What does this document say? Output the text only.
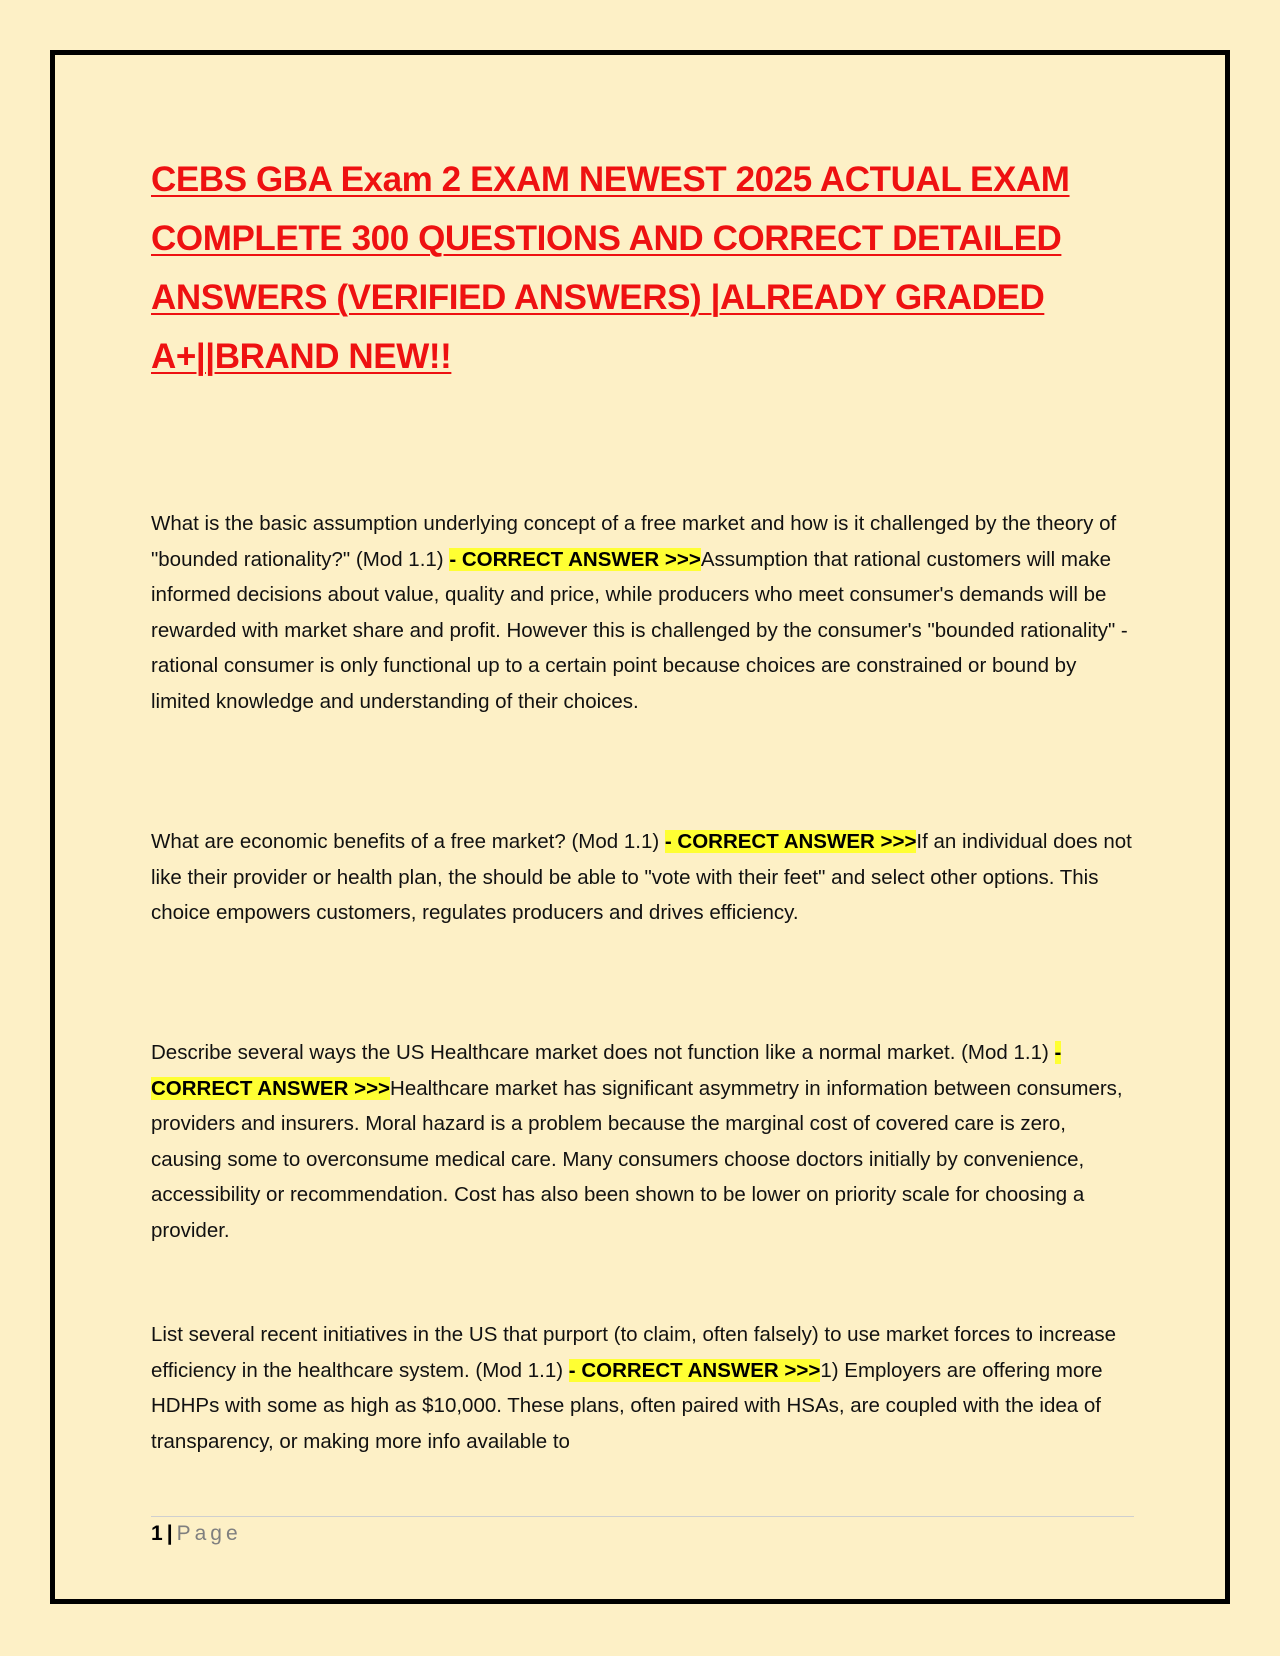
CEBS GBA Exam 2 EXAM NEWEST 2025 ACTUAL EXAM COMPLETE 300 QUESTIONS AND CORRECT DETAILED ANSWERS (VERIFIED ANSWERS) |ALREADY GRADED A+||BRAND NEW!!

What is the basic assumption underlying concept of a free market and how is it challenged by the theory of "bounded rationality?" (Mod 1.1) - CORRECT ANSWER >>>Assumption that rational customers will make informed decisions about value, quality and price, while producers who meet consumer's demands will be rewarded with market share and profit. However this is challenged by the consumer's "bounded rationality" - rational consumer is only functional up to a certain point because choices are constrained or bound by limited knowledge and understanding of their choices.

What are economic benefits of a free market? (Mod 1.1) - CORRECT ANSWER >>>If an individual does not like their provider or health plan, the should be able to "vote with their feet" and select other options. This choice empowers customers, regulates producers and drives efficiency.

Describe several ways the US Healthcare market does not function like a normal market. (Mod 1.1) - CORRECT ANSWER >>>Healthcare market has significant asymmetry in information between consumers, providers and insurers. Moral hazard is a problem because the marginal cost of covered care is zero, causing some to overconsume medical care. Many consumers choose doctors initially by convenience, accessibility or recommendation. Cost has also been shown to be lower on priority scale for choosing a provider.

List several recent initiatives in the US that purport (to claim, often falsely) to use market forces to increase efficiency in the healthcare system. (Mod 1.1) - CORRECT ANSWER >>>1) Employers are offering more HDHPs with some as high as $10,000. These plans, often paired with HSAs, are coupled with the idea of transparency, or making more info available to

1 | Page
